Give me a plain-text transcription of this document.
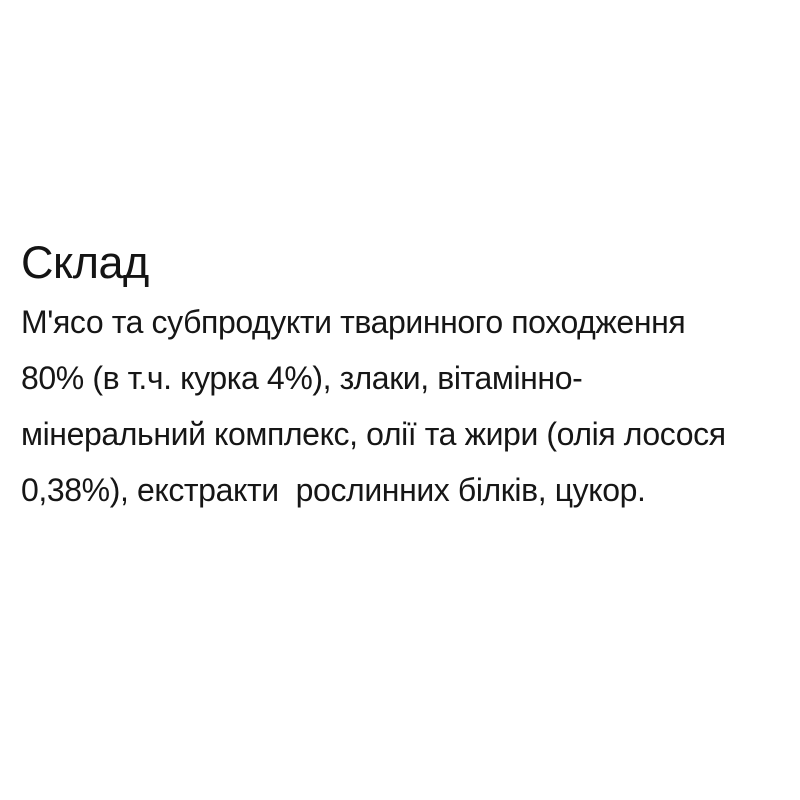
Склад
М'ясо та субпродукти тваринного походження
80% (в т.ч. курка 4%), злаки, вітамінно-
мінеральний комплекс, олії та жири (олія лосося
0,38%), екстракти  рослинних білків, цукор.
